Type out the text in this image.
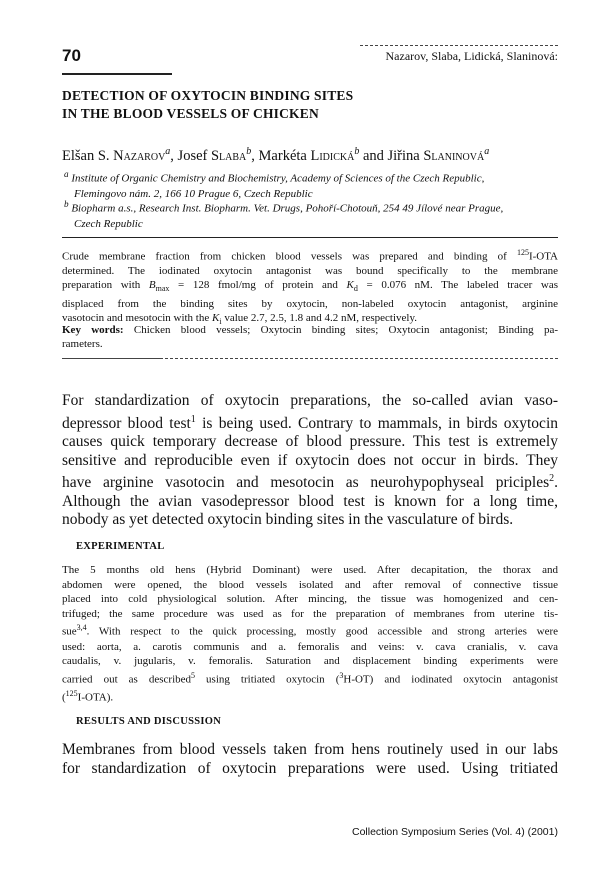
70	Nazarov, Slaba, Lidická, Slaninová:
DETECTION OF OXYTOCIN BINDING SITES
IN THE BLOOD VESSELS OF CHICKEN
Elšan S. Nazarov$^a$, Josef Slaba$^b$, Markéta Lidická$^b$ and Jiřina Slaninová$^a$

$^a$ Institute of Organic Chemistry and Biochemistry, Academy of Sciences of the Czech Republic,

Flemingovo nám. 2, 166 10 Prague 6, Czech Republic

$^b$ Biopharm a.s., Research Inst. Biopharm. Vet. Drugs, Pohoří-Chotouň, 254 49 Jílové near Prague,

Czech Republic

Crude membrane fraction from chicken blood vessels was prepared and binding of $^{125}$I-OTA
determined. The iodinated oxytocin antagonist was bound specifically to the membrane
preparation with $B_{max} = 128$ fmol/mg of protein and $K_d = 0.076$ nM. The labeled tracer was
displaced from the binding sites by oxytocin, non-labeled oxytocin antagonist, arginine
vasotocin and mesotocin with the $K_i$ value 2.7, 2.5, 1.8 and 4.2 nM, respectively.
Key words: Chicken blood vessels; Oxytocin binding sites; Oxytocin antagonist; Binding pa-
rameters.
For standardization of oxytocin preparations, the so-called avian vaso-
depressor blood test$^1$ is being used. Contrary to mammals, in birds oxytocin
causes quick temporary decrease of blood pressure. This test is extremely
sensitive and reproducible even if oxytocin does not occur in birds. They
have arginine vasotocin and mesotocin as neurohypophyseal priciples$^2$.
Although the avian vasodepressor blood test is known for a long time,
nobody as yet detected oxytocin binding sites in the vasculature of birds.
EXPERIMENTAL
The 5 months old hens (Hybrid Dominant) were used. After decapitation, the thorax and
abdomen were opened, the blood vessels isolated and after removal of connective tissue
placed into cold physiological solution. After mincing, the tissue was homogenized and cen-
trifuged; the same procedure was used as for the preparation of membranes from uterine tis-
sue$^{3,4}$. With respect to the quick processing, mostly good accessible and strong arteries were
used: aorta, a. carotis communis and a. femoralis and veins: v. cava cranialis, v. cava
caudalis, v. jugularis, v. femoralis. Saturation and displacement binding experiments were
carried out as described$^5$ using tritiated oxytocin ($^3$H-OT) and iodinated oxytocin antagonist
($^{125}$I-OTA).
RESULTS AND DISCUSSION
Membranes from blood vessels taken from hens routinely used in our labs
for standardization of oxytocin preparations were used. Using tritiated
Collection Symposium Series (Vol. 4) (2001)
